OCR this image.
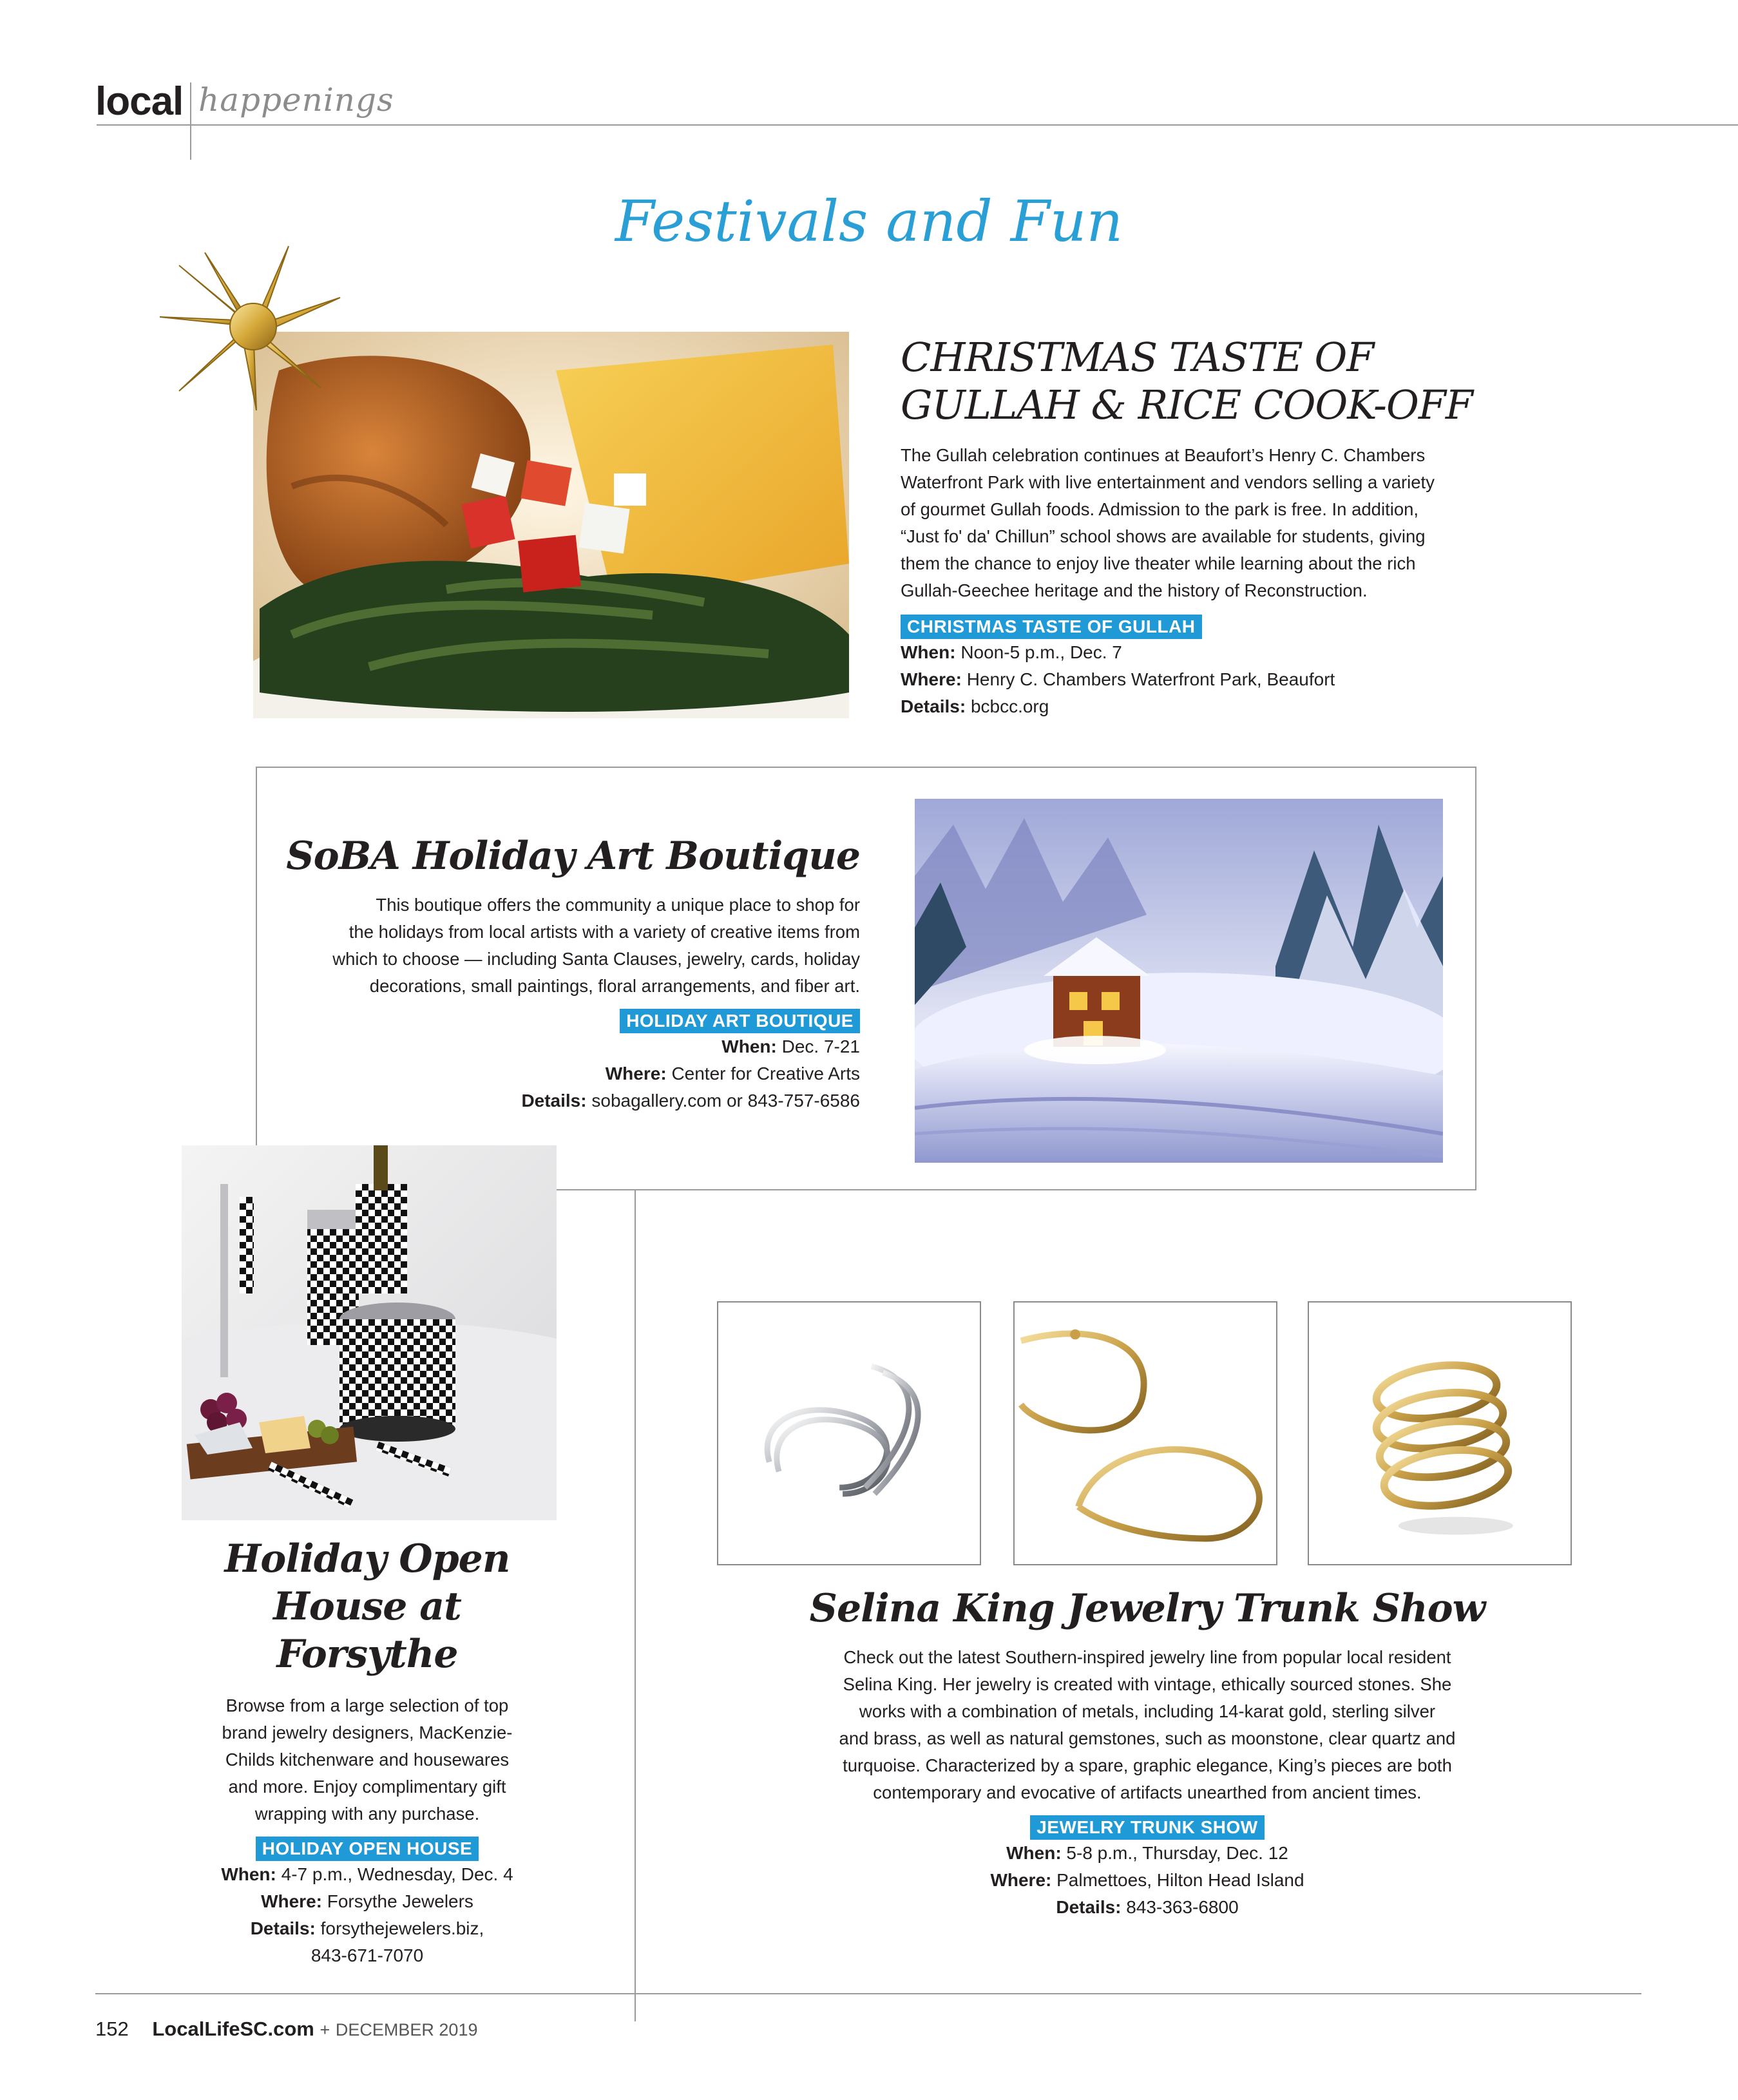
local happenings
Festivals and Fun
CHRISTMAS TASTE OF
GULLAH & RICE COOK-OFF
The Gullah celebration continues at Beaufort’s Henry C. Chambers
Waterfront Park with live entertainment and vendors selling a variety
of gourmet Gullah foods. Admission to the park is free. In addition,
“Just fo' da' Chillun” school shows are available for students, giving
them the chance to enjoy live theater while learning about the rich
Gullah-Geechee heritage and the history of Reconstruction.
CHRISTMAS TASTE OF GULLAH
When: Noon-5 p.m., Dec. 7
Where: Henry C. Chambers Waterfront Park, Beaufort
Details: bcbcc.org
SoBA Holiday Art Boutique
This boutique offers the community a unique place to shop for
the holidays from local artists with a variety of creative items from
which to choose — including Santa Clauses, jewelry, cards, holiday
decorations, small paintings, floral arrangements, and fiber art.
HOLIDAY ART BOUTIQUE
When: Dec. 7-21
Where: Center for Creative Arts
Details: sobagallery.com or 843-757-6586
Holiday Open
House at Forsythe
Browse from a large selection of top
brand jewelry designers, MacKenzie-
Childs kitchenware and housewares
and more. Enjoy complimentary gift
wrapping with any purchase.
HOLIDAY OPEN HOUSE
When: 4-7 p.m., Wednesday, Dec. 4
Where: Forsythe Jewelers
Details: forsythejewelers.biz,
843-671-7070
Selina King Jewelry Trunk Show
Check out the latest Southern-inspired jewelry line from popular local resident
Selina King. Her jewelry is created with vintage, ethically sourced stones. She
works with a combination of metals, including 14-karat gold, sterling silver
and brass, as well as natural gemstones, such as moonstone, clear quartz and
turquoise. Characterized by a spare, graphic elegance, King’s pieces are both
contemporary and evocative of artifacts unearthed from ancient times.
JEWELRY TRUNK SHOW
When: 5-8 p.m., Thursday, Dec. 12
Where: Palmettoes, Hilton Head Island
Details: 843-363-6800
152 LocalLifeSC.com + DECEMBER 2019
